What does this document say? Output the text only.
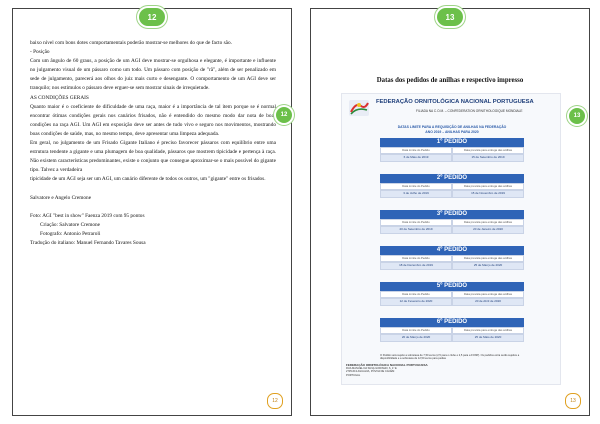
12

baixo nível com bons dotes comportamentais poderão mostrar-se melhores do que de facto são.

- Posição

Com um ângulo de 60 graus, a posição de um AGI deve mostrar-se orgulhosa e elegante, é importante e influente no julgamento visual de um pássaro como um todo. Um pássaro com posição de "rã", além de ser penalizado em sede de julgamento, parecerá aos olhos do juiz mais curto e desengante. O comportamento de um AGI deve ser tranquilo; nos estimulos o pássaro deve erguer-se sem mostrar sinais de irrequietude.

AS CONDIÇÕES GERAIS

Quanto maior é o coeficiente de dificuldade de uma raça, maior é a importância de tal item porque se é normal encontrar ótimas condições gerais nos canários frisados, não é entendido do mesmo modo dar nota de boas condições na raça AGI. Um AGI em exposição deve ser antes de tudo vivo e seguro nos movimentos, mostrando boas condições de saúde, mas, no mesmo tempo, deve apresentar uma limpeza adequada.

Em geral, no julgamento de um Frisado Gigante Italiano é preciso favorecer pássaros com equilíbrio entre uma estrutura tendente a gigante e uma plumagem de boa qualidade, pássaros que mostrem tipicidade e pertença à raça. Não existem características predominantes, existe o conjunto que consegue aproximar-se o mais possível do gigante tipo. Talvez a verdadeira

tipicidade de um AGI seja ser um AGI, um canário diferente de todos os outros, um "gigante" entre os frisados.

Salvatore e Angelo Cremone

Foto: AGI "best in show" Faenza 2019 com 95 pontos

Criação: Salvatore Cremone

Fotografo: Antonio Petraroli

Tradução do italiano: Manuel Fernando Tavares Sousa

12
12
13
13
Datas dos pedidos de anilhas e respectivo impresso
FEDERAÇÃO ORNITOLÓGICA NACIONAL PORTUGUESA
FILIADA NA C.O.M. – CONFEDERATION ORNITHOLOGIQUE MONDIALE
DATAS LIMITE PARA A REQUISIÇÃO DE ANILHAS NA FEDERAÇÃO
ANO 2019 – ANILHAS PARA 2020
1º PEDIDO
Data Limite do Pedido	Data prevista para entrega das anilhas
6 de Maio de 2019	15 de Setembro de 2019
2º PEDIDO
Data Limite do Pedido	Data prevista para entrega das anilhas
3 de Julho de 2019	15 de Novembro de 2019
3º PEDIDO
Data Limite do Pedido	Data prevista para entrega das anilhas
20 de Setembro de 2019	20 de Janeiro de 2020
4º PEDIDO
Data Limite do Pedido	Data prevista para entrega das anilhas
18 de Dezembro de 2019	25 de Março de 2020
5º PEDIDO
Data Limite do Pedido	Data prevista para entrega das anilhas
12 de Fevereiro de 2020	20 de Abril de 2020
6º PEDIDO
Data Limite do Pedido	Data prevista para entrega das anilhas
20 de Março de 2020	25 de Maio de 2020
O Pedido será sujeito a sobretaxa de 7,50 euros (2,5 para o clube e 2,5 para a FONP). Os pedidos extra serão sujeitos a disponibilidade e a sobretaxa de 12,50 euros para pedias
FEDERAÇÃO ORNITOLÓGICA NACIONAL PORTUGUESA
RUA MANUEL DA SILVA GODINHO, 6, 1º E
2735-613 AGUALVA, PÓVOA DE CACÉM
PORTUGAL
13
